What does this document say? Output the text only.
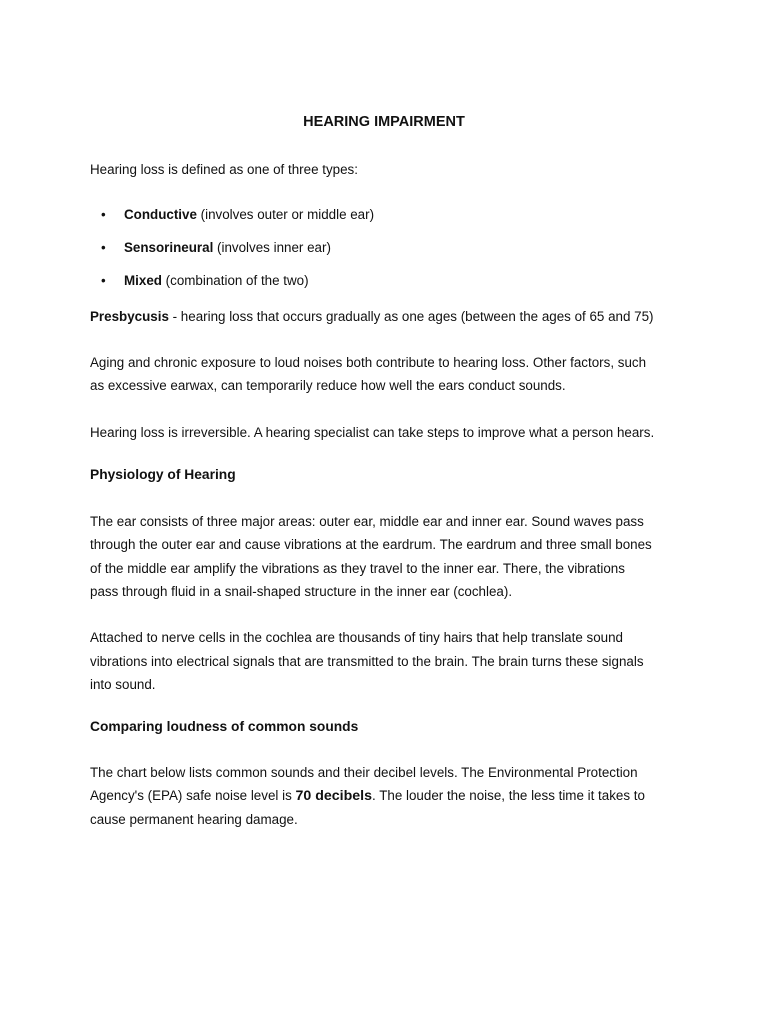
HEARING IMPAIRMENT

Hearing loss is defined as one of three types:

• Conductive (involves outer or middle ear)
• Sensorineural (involves inner ear)
• Mixed (combination of the two)

Presbycusis - hearing loss that occurs gradually as one ages (between the ages of 65 and 75)

Aging and chronic exposure to loud noises both contribute to hearing loss. Other factors, such

as excessive earwax, can temporarily reduce how well the ears conduct sounds.

Hearing loss is irreversible. A hearing specialist can take steps to improve what a person hears.

Physiology of Hearing

The ear consists of three major areas: outer ear, middle ear and inner ear. Sound waves pass

through the outer ear and cause vibrations at the eardrum. The eardrum and three small bones

of the middle ear amplify the vibrations as they travel to the inner ear. There, the vibrations

pass through fluid in a snail-shaped structure in the inner ear (cochlea).

Attached to nerve cells in the cochlea are thousands of tiny hairs that help translate sound

vibrations into electrical signals that are transmitted to the brain. The brain turns these signals

into sound.

Comparing loudness of common sounds

The chart below lists common sounds and their decibel levels. The Environmental Protection

Agency's (EPA) safe noise level is 70 decibels. The louder the noise, the less time it takes to

cause permanent hearing damage.
